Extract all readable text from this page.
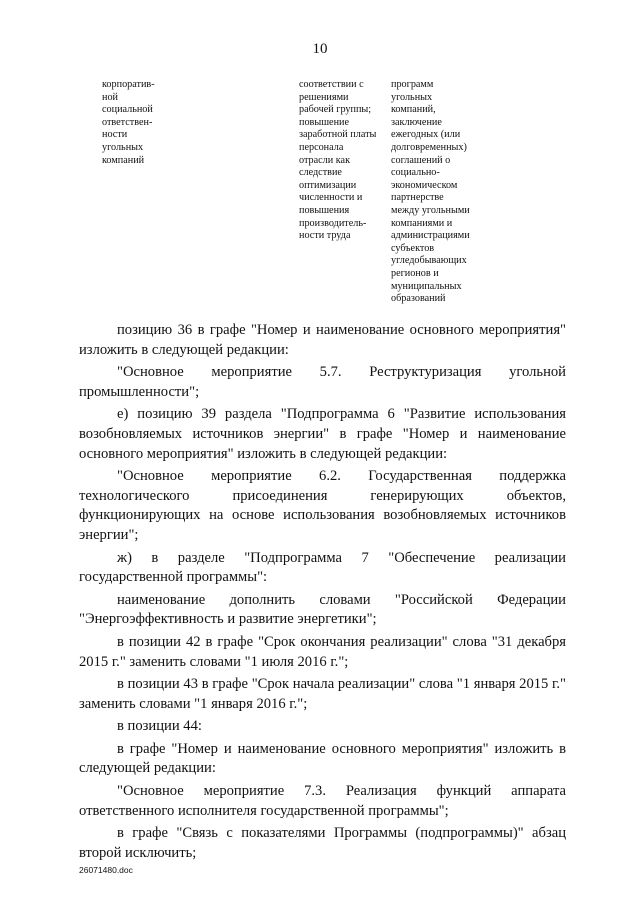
10
корпоратив-
ной
социальной
ответствен-
ности
угольных
компаний
соответствии с
решениями
рабочей группы;
повышение
заработной платы
персонала
отрасли как
следствие
оптимизации
численности и
повышения
производитель-
ности труда
программ
угольных
компаний,
заключение
ежегодных (или
долговременных)
соглашений о
социально-
экономическом
партнерстве
между угольными
компаниями и
администрациями
субъектов
угледобывающих
регионов и
муниципальных
образований

позицию 36 в графе "Номер и наименование основного мероприятия" изложить в следующей редакции:

"Основное мероприятие 5.7. Реструктуризация угольной промышленности";

е) позицию 39 раздела "Подпрограмма 6 "Развитие использования возобновляемых источников энергии" в графе "Номер и наименование основного мероприятия" изложить в следующей редакции:

"Основное мероприятие 6.2. Государственная поддержка технологического присоединения генерирующих объектов, функционирующих на основе использования возобновляемых источников энергии";

ж) в разделе "Подпрограмма 7 "Обеспечение реализации государственной программы":

наименование дополнить словами "Российской Федерации "Энергоэффективность и развитие энергетики";

в позиции 42 в графе "Срок окончания реализации" слова "31 декабря 2015 г." заменить словами "1 июля 2016 г.";

в позиции 43 в графе "Срок начала реализации" слова "1 января 2015 г." заменить словами "1 января 2016 г.";

в позиции 44:

в графе "Номер и наименование основного мероприятия" изложить в следующей редакции:

"Основное мероприятие 7.3. Реализация функций аппарата ответственного исполнителя государственной программы";

в графе "Связь с показателями Программы (подпрограммы)" абзац второй исключить;

26071480.doc
